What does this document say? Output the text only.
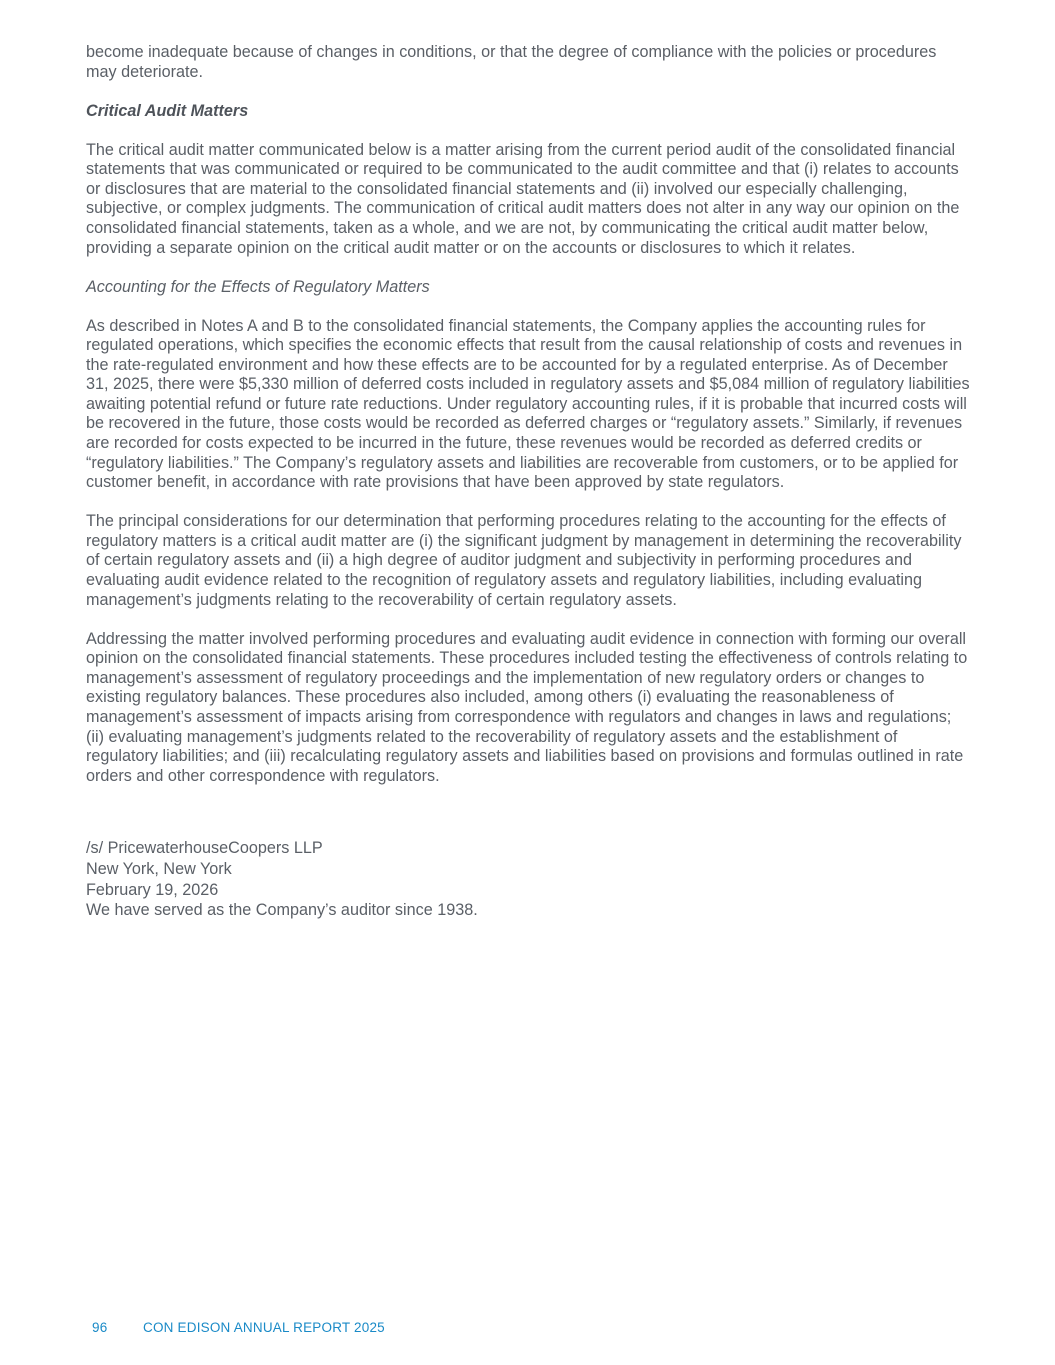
become inadequate because of changes in conditions, or that the degree of compliance with the policies or procedures may deteriorate.

Critical Audit Matters

The critical audit matter communicated below is a matter arising from the current period audit of the consolidated financial statements that was communicated or required to be communicated to the audit committee and that (i) relates to accounts or disclosures that are material to the consolidated financial statements and (ii) involved our especially challenging, subjective, or complex judgments. The communication of critical audit matters does not alter in any way our opinion on the consolidated financial statements, taken as a whole, and we are not, by communicating the critical audit matter below, providing a separate opinion on the critical audit matter or on the accounts or disclosures to which it relates.

Accounting for the Effects of Regulatory Matters

As described in Notes A and B to the consolidated financial statements, the Company applies the accounting rules for regulated operations, which specifies the economic effects that result from the causal relationship of costs and revenues in the rate-regulated environment and how these effects are to be accounted for by a regulated enterprise. As of December 31, 2025, there were $5,330 million of deferred costs included in regulatory assets and $5,084 million of regulatory liabilities awaiting potential refund or future rate reductions. Under regulatory accounting rules, if it is probable that incurred costs will be recovered in the future, those costs would be recorded as deferred charges or “regulatory assets.” Similarly, if revenues are recorded for costs expected to be incurred in the future, these revenues would be recorded as deferred credits or “regulatory liabilities.” The Company’s regulatory assets and liabilities are recoverable from customers, or to be applied for customer benefit, in accordance with rate provisions that have been approved by state regulators.

The principal considerations for our determination that performing procedures relating to the accounting for the effects of regulatory matters is a critical audit matter are (i) the significant judgment by management in determining the recoverability of certain regulatory assets and (ii) a high degree of auditor judgment and subjectivity in performing procedures and evaluating audit evidence related to the recognition of regulatory assets and regulatory liabilities, including evaluating management’s judgments relating to the recoverability of certain regulatory assets.

Addressing the matter involved performing procedures and evaluating audit evidence in connection with forming our overall opinion on the consolidated financial statements. These procedures included testing the effectiveness of controls relating to management’s assessment of regulatory proceedings and the implementation of new regulatory orders or changes to existing regulatory balances. These procedures also included, among others (i) evaluating the reasonableness of management’s assessment of impacts arising from correspondence with regulators and changes in laws and regulations; (ii) evaluating management’s judgments related to the recoverability of regulatory assets and the establishment of regulatory liabilities; and (iii) recalculating regulatory assets and liabilities based on provisions and formulas outlined in rate orders and other correspondence with regulators.

/s/ PricewaterhouseCoopers LLP
New York, New York
February 19, 2026

We have served as the Company’s auditor since 1938.

96	CON EDISON ANNUAL REPORT 2025
